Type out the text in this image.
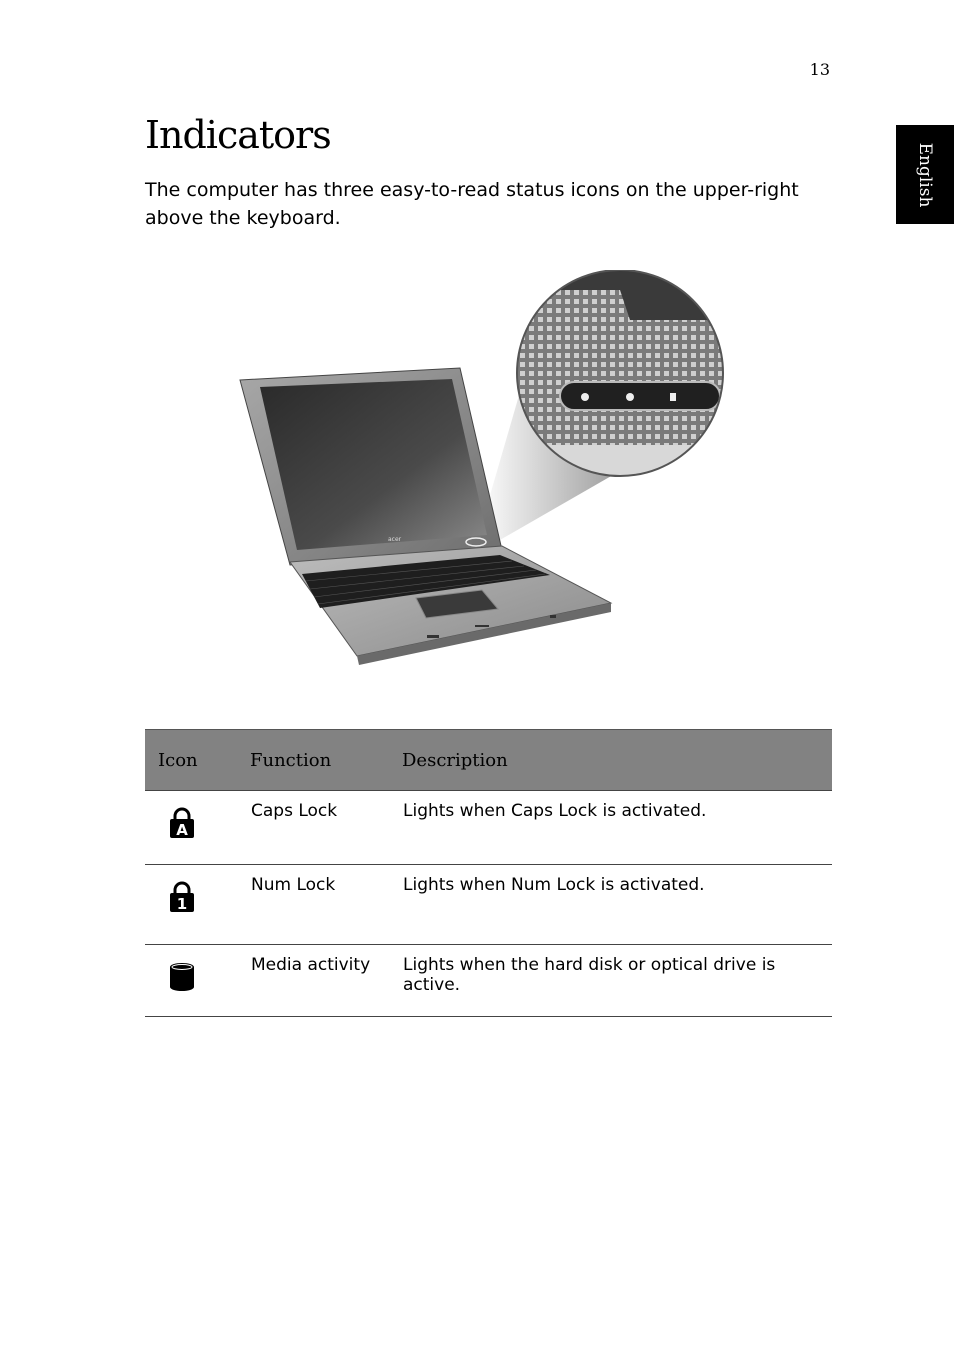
13
English
Indicators

The computer has three easy-to-read status icons on the upper-right above the keyboard.

acer
Icon	Function	Description

A	Caps Lock	Lights when Caps Lock is activated.

1	Num Lock	Lights when Num Lock is activated.

	Media activity	Lights when the hard disk or optical drive is active.
